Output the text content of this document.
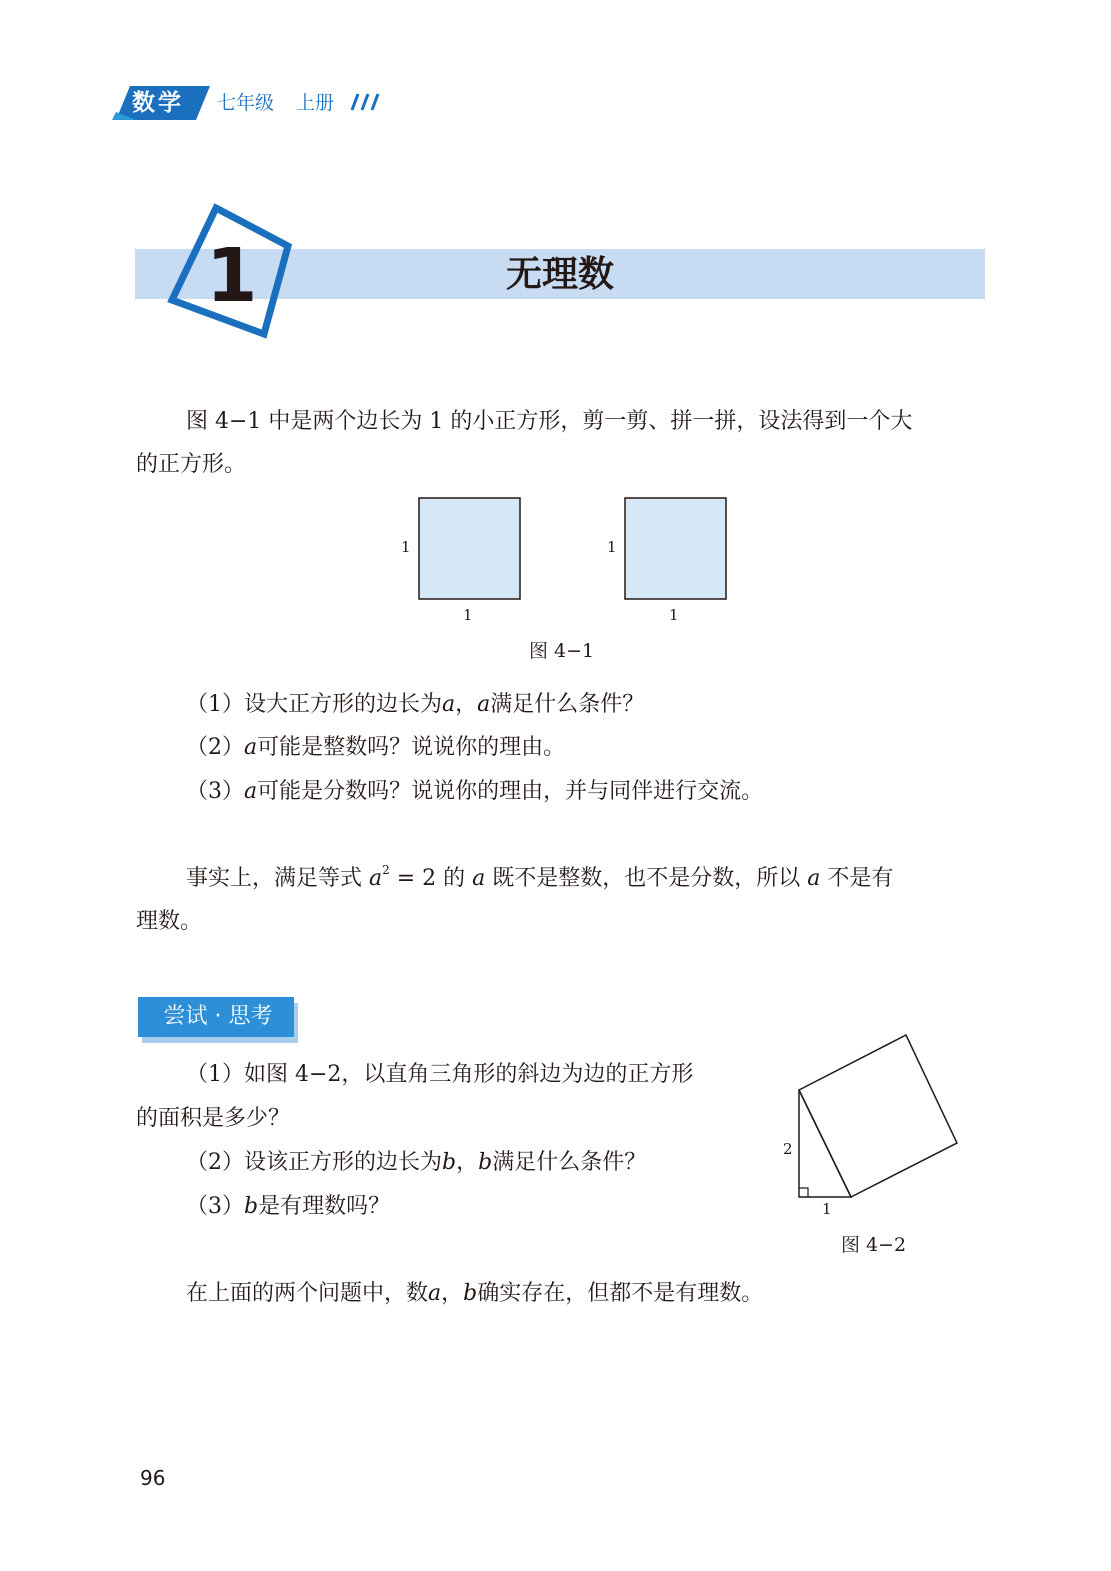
数学 七年级 上册
1	无理数
图 4−1 中是两个边长为 1 的小正方形，剪一剪、拼一拼，设法得到一个大
的正方形。
1
1
1
1
图 4−1
（1）设大正方形的边长为a，a满足什么条件？
（2）a可能是整数吗？说说你的理由。
（3）a可能是分数吗？说说你的理由，并与同伴进行交流。
事实上，满足等式 $a^2 = 2$ 的 a 既不是整数，也不是分数，所以 a 不是有
理数。
尝试 · 思考
（1）如图 4−2，以直角三角形的斜边为边的正方形
的面积是多少？
（2）设该正方形的边长为b，b满足什么条件？
（3）b是有理数吗？
2
1
图 4−2
在上面的两个问题中，数a，b确实存在，但都不是有理数。
96
